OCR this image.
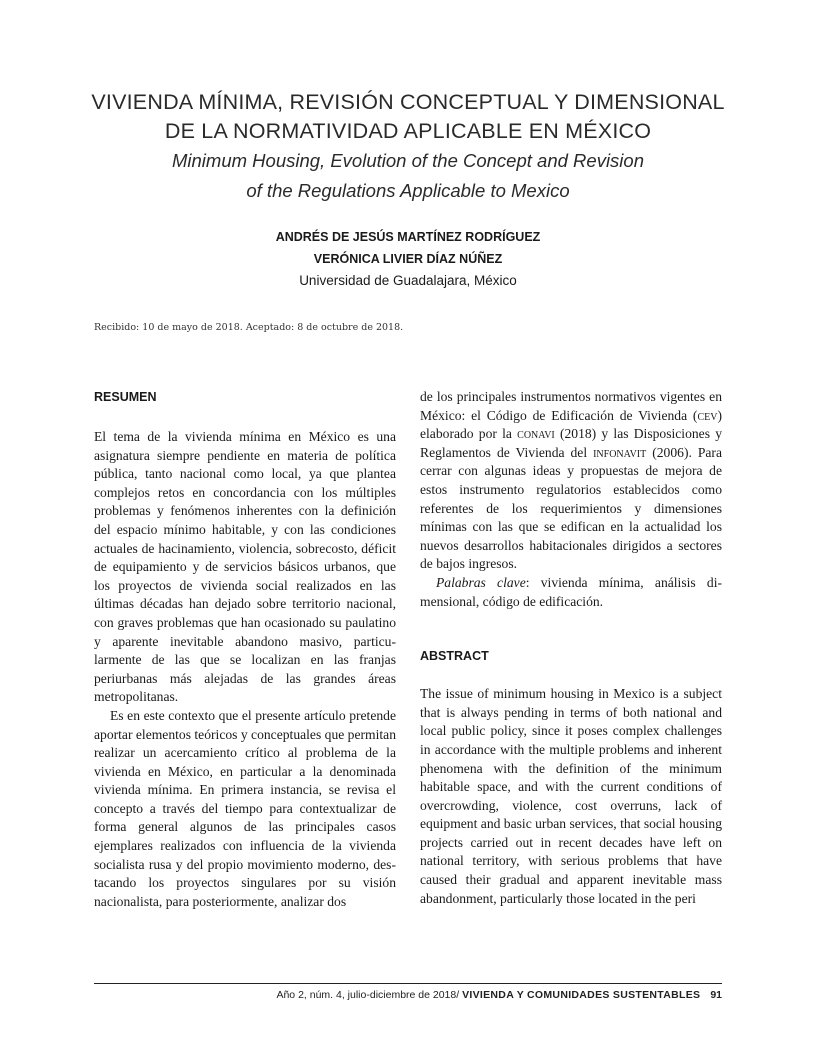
VIVIENDA MÍNIMA, REVISIÓN CONCEPTUAL Y DIMENSIONAL

DE LA NORMATIVIDAD APLICABLE EN MÉXICO

Minimum Housing, Evolution of the Concept and Revision

of the Regulations Applicable to Mexico

ANDRÉS DE JESÚS MARTÍNEZ RODRÍGUEZ
VERÓNICA LIVIER DÍAZ NÚÑEZ
Universidad de Guadalajara, México
Recibido: 10 de mayo de 2018. Aceptado: 8 de octubre de 2018.

RESUMEN

El tema de la vivienda mínima en México es una asignatura siempre pendiente en materia de política pública, tanto nacional como local, ya que plantea complejos retos en concordancia con los múltiples problemas y fenómenos inherentes con la definición del espacio mínimo habitable, y con las condiciones actuales de hacinamiento, violencia, sobrecosto, déficit de equipamiento y de servicios básicos urbanos, que los proyectos de vivienda social realizados en las últimas décadas han dejado sobre territorio nacional, con graves problemas que han ocasionado su paulatino y aparente inevitable abandono masivo, particularmente de las que se localizan en las franjas periurbanas más alejadas de las grandes áreas metropolitanas.

Es en este contexto que el presente artículo pretende aportar elementos teóricos y conceptuales que permitan realizar un acercamiento crítico al problema de la vivienda en México, en particular a la denominada vivienda mínima. En primera instancia, se revisa el concepto a través del tiempo para contextualizar de forma general algunos de las principales casos ejemplares realizados con influencia de la vivienda socialista rusa y del propio movimiento moderno, destacando los proyectos singulares por su visión nacionalista, para posteriormente, analizar dos

de los principales instrumentos normativos vigentes en México: el Código de Edificación de Vivienda (cev) elaborado por la conavi (2018) y las Disposiciones y Reglamentos de Vivienda del infonavit (2006). Para cerrar con algunas ideas y propuestas de mejora de estos instrumento regulatorios establecidos como referentes de los requerimientos y dimensiones mínimas con las que se edifican en la actualidad los nuevos desarrollos habitacionales dirigidos a sectores de bajos ingresos.

Palabras clave: vivienda mínima, análisis dimensional, código de edificación.

ABSTRACT

The issue of minimum housing in Mexico is a subject that is always pending in terms of both national and local public policy, since it poses complex challenges in accordance with the multiple problems and inherent phenomena with the definition of the minimum habitable space, and with the current conditions of overcrowding, violence, cost overruns, lack of equipment and basic urban services, that social housing projects carried out in recent decades have left on national territory, with serious problems that have caused their gradual and apparent inevitable mass abandonment, particularly those located in the peri

Año 2, núm. 4, julio-diciembre de 2018/ VIVIENDA Y COMUNIDADES SUSTENTABLES 91
